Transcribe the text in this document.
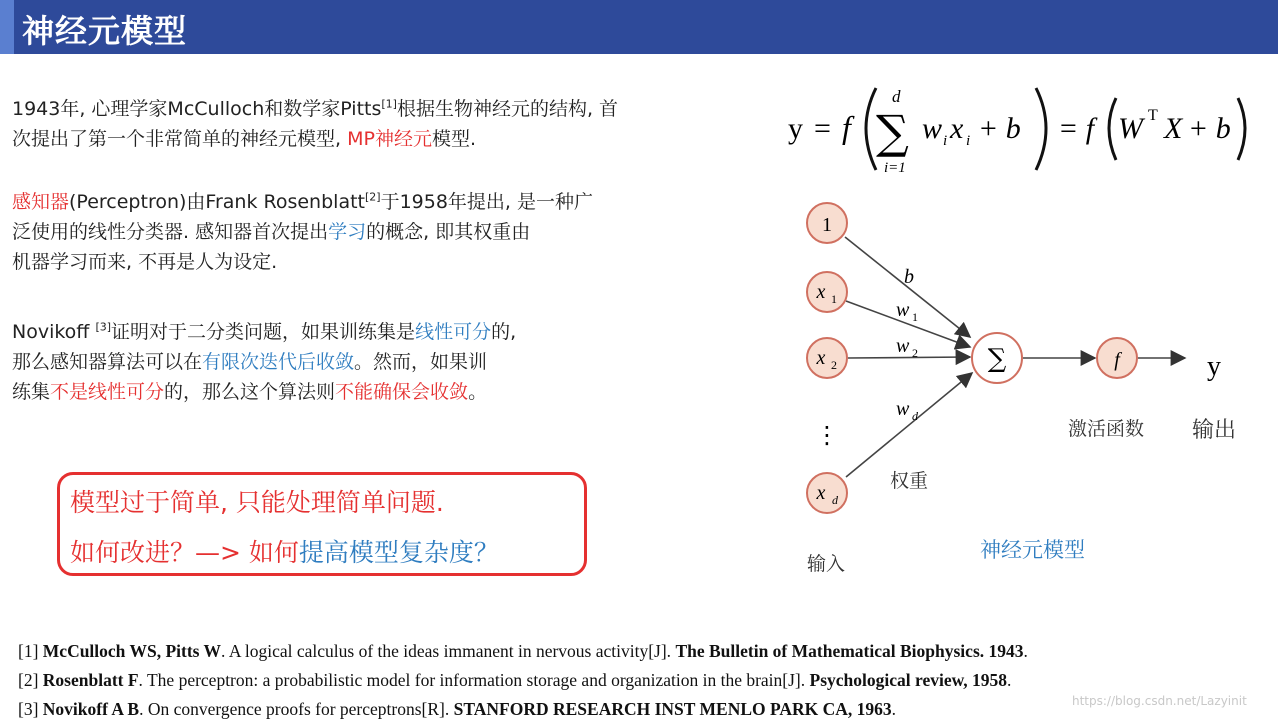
神经元模型
1943年, 心理学家McCulloch和数学家Pitts[1]根据生物神经元的结构, 首
次提出了第一个非常简单的神经元模型, MP神经元模型.
感知器(Perceptron)由Frank Rosenblatt[2]于1958年提出, 是一种广
泛使用的线性分类器. 感知器首次提出学习的概念, 即其权重由
机器学习而来, 不再是人为设定.
Novikoff [3]证明对于二分类问题，如果训练集是线性可分的,
那么感知器算法可以在有限次迭代后收敛。然而，如果训
练集不是线性可分的，那么这个算法则不能确保会收敛。
模型过于简单, 只能处理简单问题.
如何改进？—> 如何提高模型复杂度？
y = f
d
∑
i=1
w i x i + b = f W T X + b
1
x 1
x 2
⋮
x d
b
w 1
w 2
w d
∑	f	y
权重
激活函数 输出
输入
神经元模型
[1] McCulloch WS, Pitts W. A logical calculus of the ideas immanent in nervous activity[J]. The Bulletin of Mathematical Biophysics. 1943.
[2] Rosenblatt F. The perceptron: a probabilistic model for information storage and organization in the brain[J]. Psychological review, 1958.
[3] Novikoff A B. On convergence proofs for perceptrons[R]. STANFORD RESEARCH INST MENLO PARK CA, 1963.	https://blog.csdn.net/Lazyinit
